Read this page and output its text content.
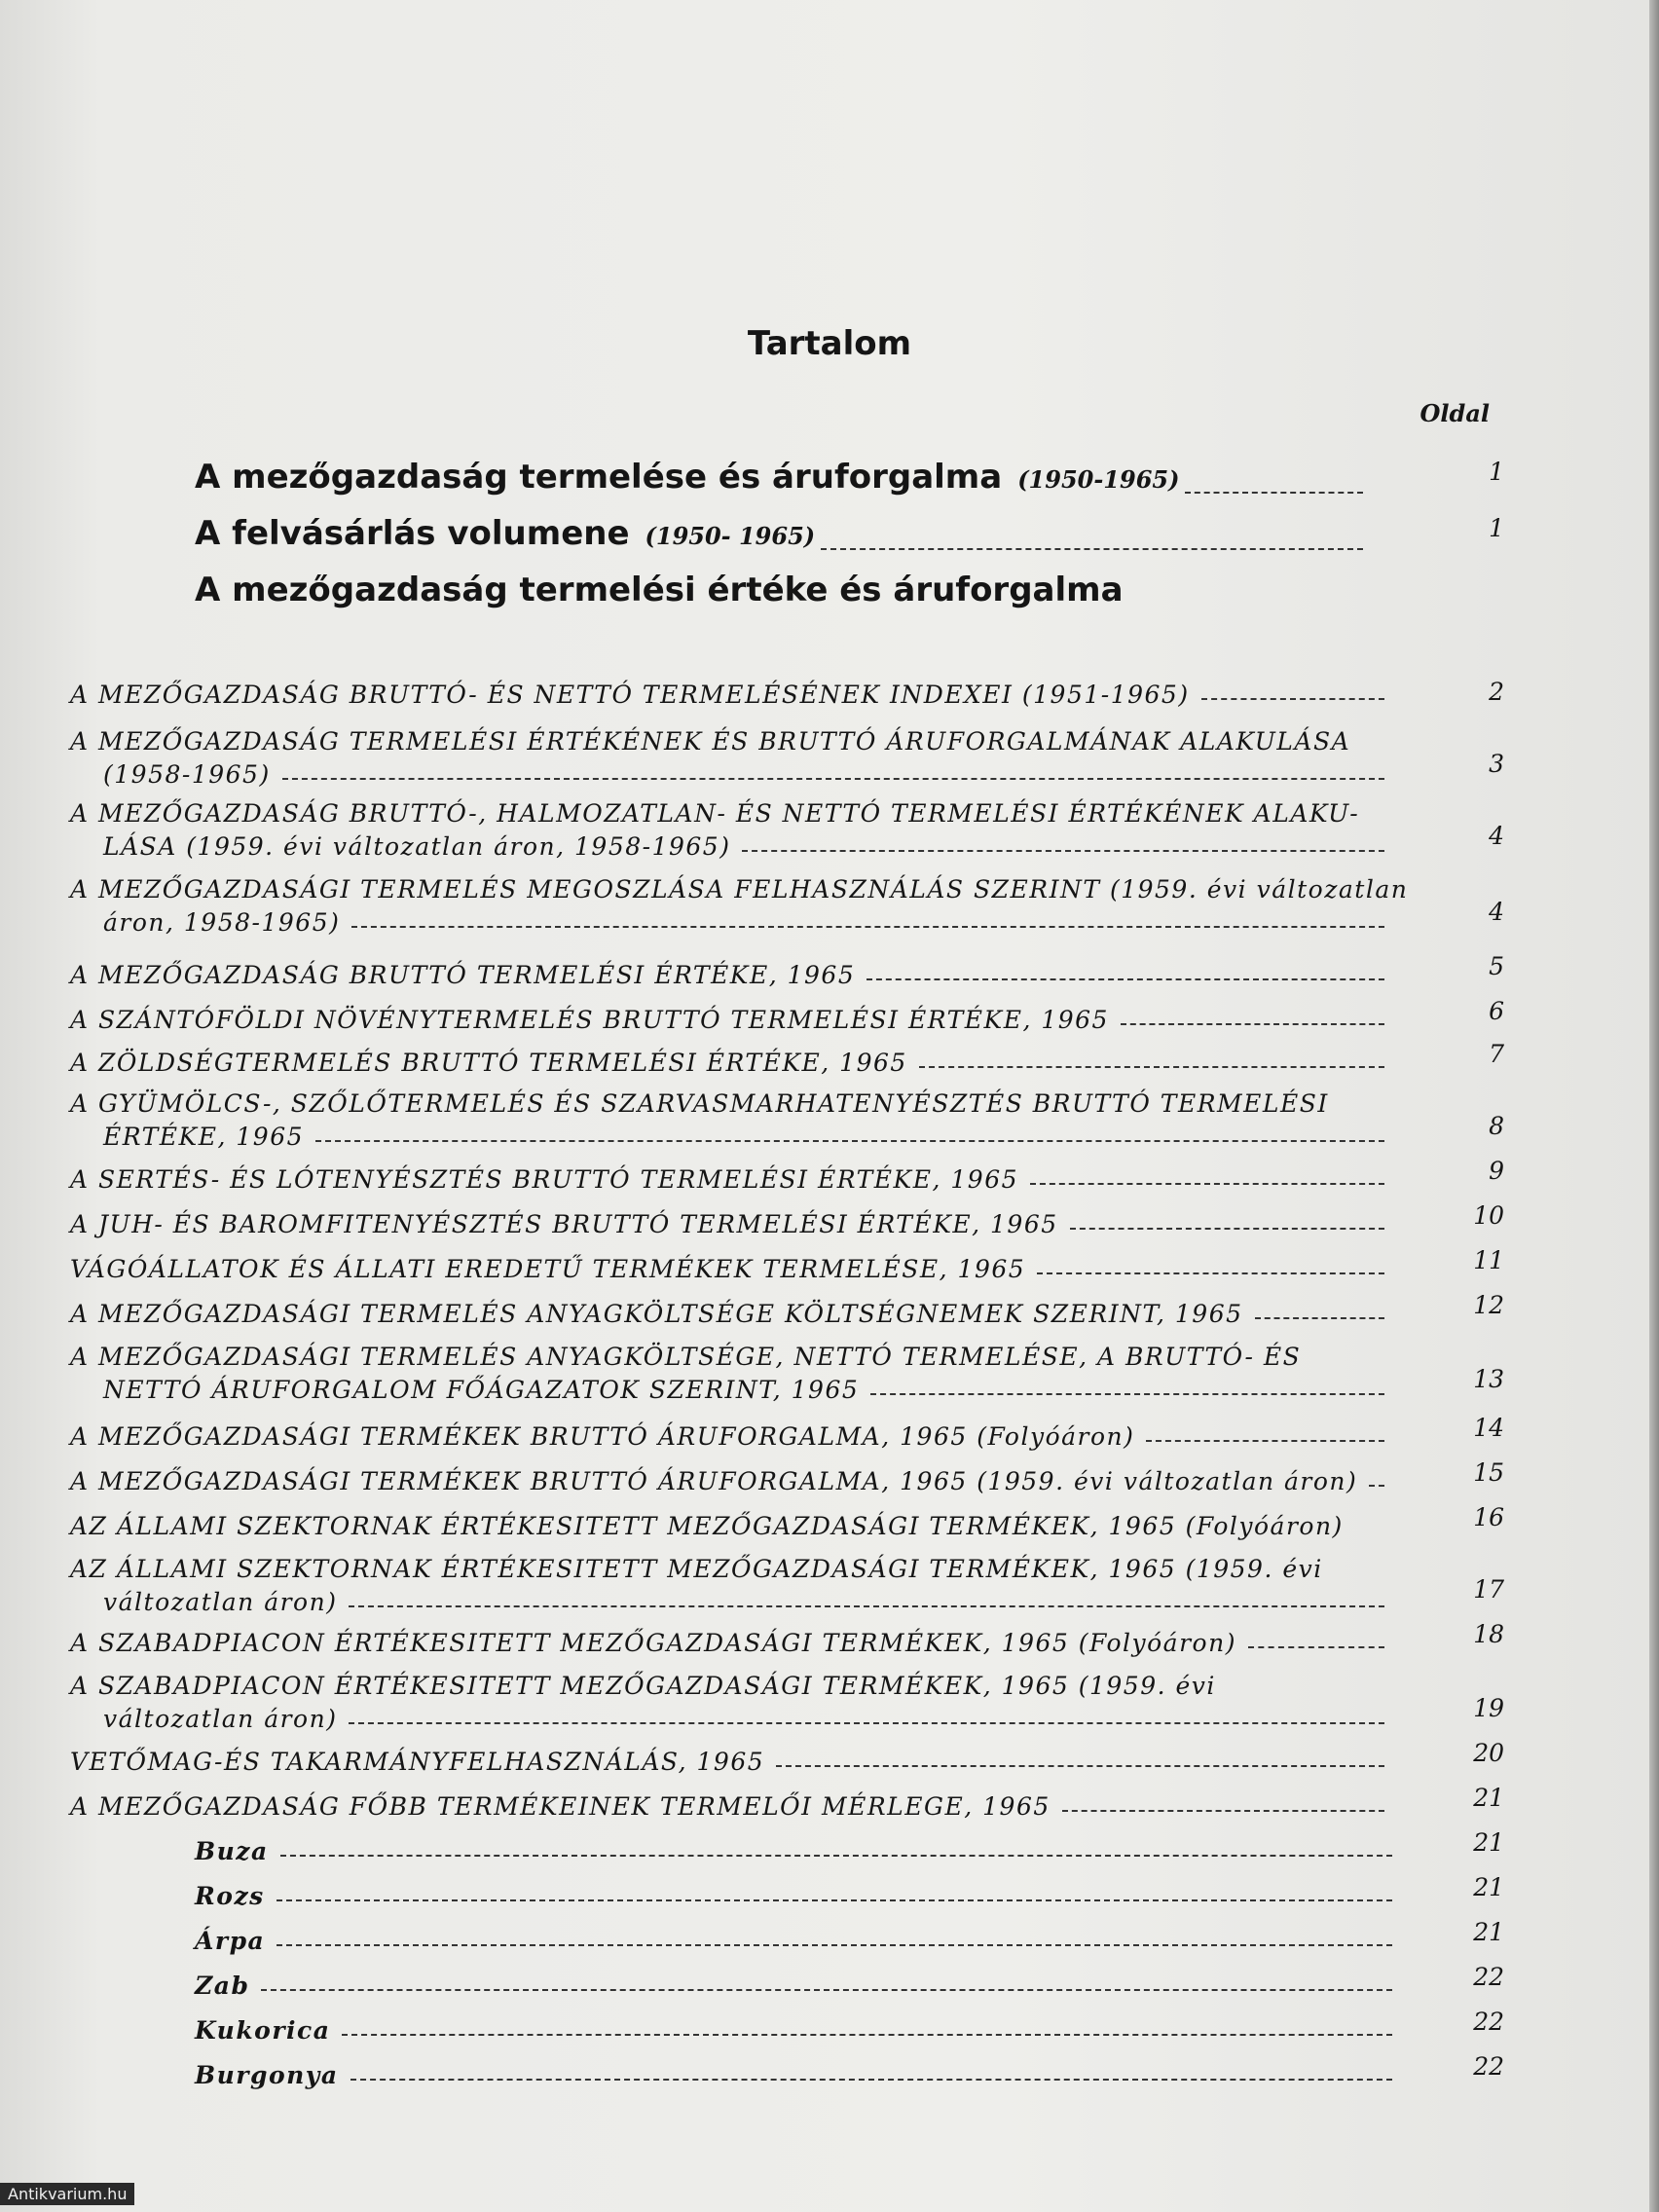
Tartalom
Oldal
A mezőgazdaság termelése és áruforgalma (1950-1965)	1
A felvásárlás volumene (1950- 1965)	1
A mezőgazdaság termelési értéke és áruforgalma
A MEZŐGAZDASÁG BRUTTÓ- ÉS NETTÓ TERMELÉSÉNEK INDEXEI (1951-1965)	2
A MEZŐGAZDASÁG TERMELÉSI ÉRTÉKÉNEK ÉS BRUTTÓ ÁRUFORGALMÁNAK ALAKULÁSA
(1958-1965)	3
A MEZŐGAZDASÁG BRUTTÓ-, HALMOZATLAN- ÉS NETTÓ TERMELÉSI ÉRTÉKÉNEK ALAKU-
LÁSA (1959. évi változatlan áron, 1958-1965)	4
A MEZŐGAZDASÁGI TERMELÉS MEGOSZLÁSA FELHASZNÁLÁS SZERINT (1959. évi változatlan
áron, 1958-1965)	4
A MEZŐGAZDASÁG BRUTTÓ TERMELÉSI ÉRTÉKE, 1965	5
A SZÁNTÓFÖLDI NÖVÉNYTERMELÉS BRUTTÓ TERMELÉSI ÉRTÉKE, 1965	6
A ZÖLDSÉGTERMELÉS BRUTTÓ TERMELÉSI ÉRTÉKE, 1965	7
A GYÜMÖLCS-, SZŐLŐTERMELÉS ÉS SZARVASMARHATENYÉSZTÉS BRUTTÓ TERMELÉSI
ÉRTÉKE, 1965	8
A SERTÉS- ÉS LÓTENYÉSZTÉS BRUTTÓ TERMELÉSI ÉRTÉKE, 1965	9
A JUH- ÉS BAROMFITENYÉSZTÉS BRUTTÓ TERMELÉSI ÉRTÉKE, 1965	10
VÁGÓÁLLATOK ÉS ÁLLATI EREDETŰ TERMÉKEK TERMELÉSE, 1965	11
A MEZŐGAZDASÁGI TERMELÉS ANYAGKÖLTSÉGE KÖLTSÉGNEMEK SZERINT, 1965	12
A MEZŐGAZDASÁGI TERMELÉS ANYAGKÖLTSÉGE, NETTÓ TERMELÉSE, A BRUTTÓ- ÉS
NETTÓ ÁRUFORGALOM FŐÁGAZATOK SZERINT, 1965	13
A MEZŐGAZDASÁGI TERMÉKEK BRUTTÓ ÁRUFORGALMA, 1965 (Folyóáron)	14
A MEZŐGAZDASÁGI TERMÉKEK BRUTTÓ ÁRUFORGALMA, 1965 (1959. évi változatlan áron)	15
AZ ÁLLAMI SZEKTORNAK ÉRTÉKESITETT MEZŐGAZDASÁGI TERMÉKEK, 1965 (Folyóáron)	16
AZ ÁLLAMI SZEKTORNAK ÉRTÉKESITETT MEZŐGAZDASÁGI TERMÉKEK, 1965 (1959. évi
változatlan áron)	17
A SZABADPIACON ÉRTÉKESITETT MEZŐGAZDASÁGI TERMÉKEK, 1965 (Folyóáron)	18
A SZABADPIACON ÉRTÉKESITETT MEZŐGAZDASÁGI TERMÉKEK, 1965 (1959. évi
változatlan áron)	19
VETŐMAG-ÉS TAKARMÁNYFELHASZNÁLÁS, 1965	20
A MEZŐGAZDASÁG FŐBB TERMÉKEINEK TERMELŐI MÉRLEGE, 1965	21
Buza	21
Rozs	21
Árpa	21
Zab	22
Kukorica	22
Burgonya	22
Antikvarium.hu
